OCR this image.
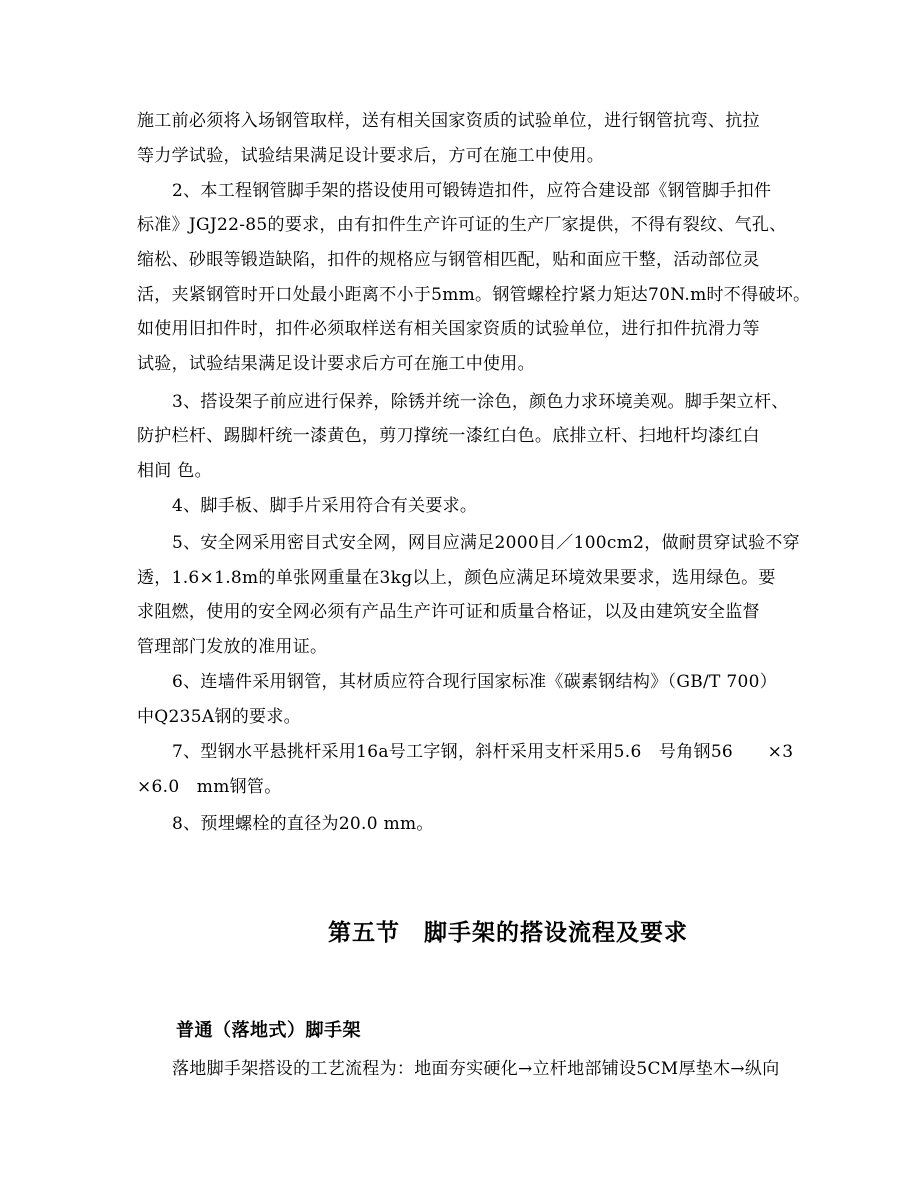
施工前必须将入场钢管取样，送有相关国家资质的试验单位，进行钢管抗弯、抗拉
等力学试验，试验结果满足设计要求后，方可在施工中使用。
2、本工程钢管脚手架的搭设使用可锻铸造扣件，应符合建设部《钢管脚手扣件
标准》JGJ22-85的要求，由有扣件生产许可证的生产厂家提供，不得有裂纹、气孔、
缩松、砂眼等锻造缺陷，扣件的规格应与钢管相匹配，贴和面应干整，活动部位灵
活，夹紧钢管时开口处最小距离不小于5mm。钢管螺栓拧紧力矩达70N.m时不得破坏。
如使用旧扣件时，扣件必须取样送有相关国家资质的试验单位，进行扣件抗滑力等
试验，试验结果满足设计要求后方可在施工中使用。
3、搭设架子前应进行保养，除锈并统一涂色，颜色力求环境美观。脚手架立杆、
防护栏杆、踢脚杆统一漆黄色，剪刀撑统一漆红白色。底排立杆、扫地杆均漆红白
相间 色。
4、脚手板、脚手片采用符合有关要求。
5、安全网采用密目式安全网，网目应满足2000目／100cm2，做耐贯穿试验不穿
透，1.6×1.8m的单张网重量在3kg以上，颜色应满足环境效果要求，选用绿色。要
求阻燃，使用的安全网必须有产品生产许可证和质量合格证，以及由建筑安全监督
管理部门发放的准用证。
6、连墙件采用钢管，其材质应符合现行国家标准《碳素钢结构》（GB/T 700）
中Q235A钢的要求。
7、型钢水平悬挑杆采用16a号工字钢，斜杆采用支杆采用5.6　号角钢56　　×3
×6.0　mm钢管。
8、预埋螺栓的直径为20.0 mm。
第五节　脚手架的搭设流程及要求
普通（落地式）脚手架
落地脚手架搭设的工艺流程为：地面夯实硬化→立杆地部铺设5CM厚垫木→纵向
